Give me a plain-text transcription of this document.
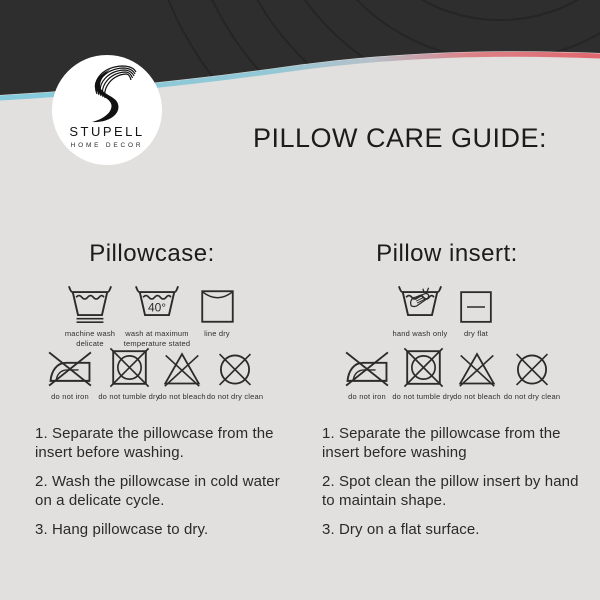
STUPELL
HOME DECOR	PILLOW CARE GUIDE:
Pillowcase:
machine wash delicate
40°
wash at maximum temperature stated
line dry
do not iron	do not tumble dry
do not bleach do not dry clean

1. Separate the pillowcase from the insert before washing.

2. Wash the pillowcase in cold water on a delicate cycle.

3. Hang pillowcase to dry.

Pillow insert:
hand wash only	dry flat
do not iron do not tumble dry do not bleach do not dry clean

1. Separate the pillowcase from the insert before washing

2. Spot clean the pillow insert by hand to maintain shape.

3. Dry on a flat surface.
